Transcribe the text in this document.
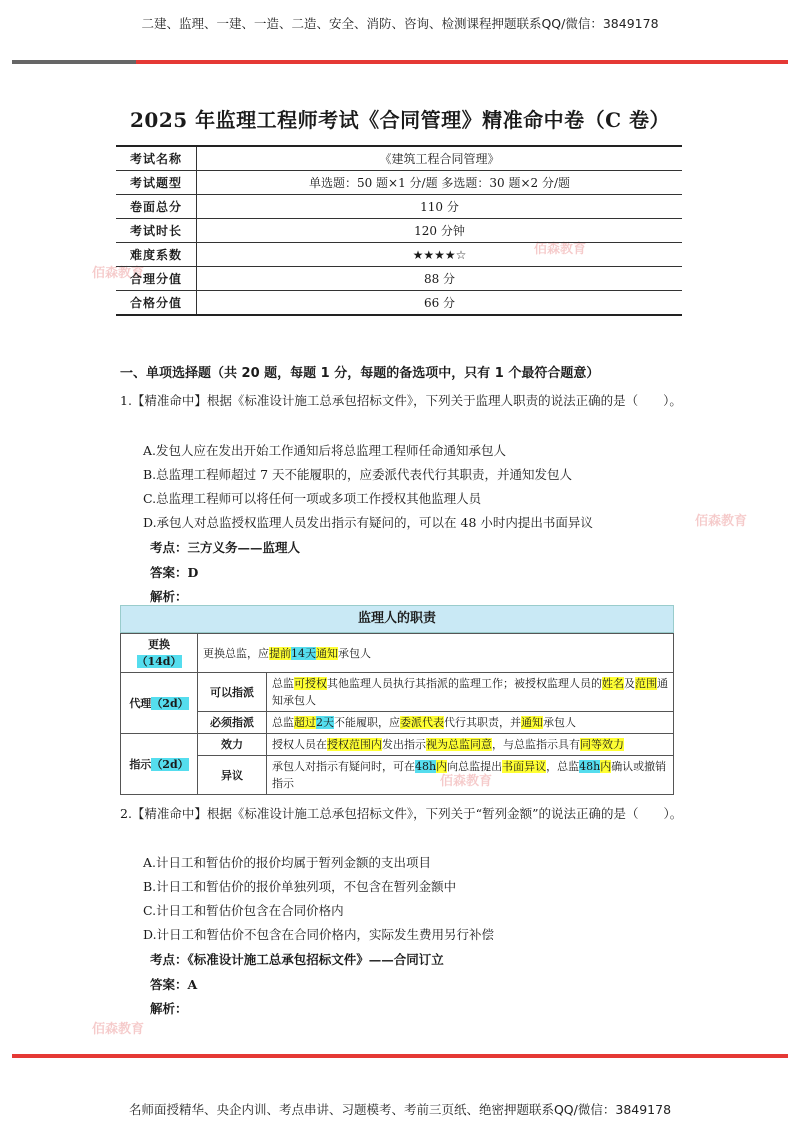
二建、监理、一建、一造、二造、安全、消防、咨询、检测课程押题联系QQ/微信：3849178
佰森教育
佰森教育
佰森教育
佰森教育
佰森教育
2025 年监理工程师考试《合同管理》精准命中卷（C 卷）
考试名称	《建筑工程合同管理》
考试题型	单选题：50 题×1 分/题 多选题：30 题×2 分/题
卷面总分	110 分
考试时长	120 分钟
难度系数	★★★★☆
合理分值	88 分
合格分值	66 分
一、单项选择题（共 20 题，每题 1 分，每题的备选项中，只有 1 个最符合题意）
1.【精准命中】根据《标准设计施工总承包招标文件》，下列关于监理人职责的说法正确的是（　　）。
A.发包人应在发出开始工作通知后将总监理工程师任命通知承包人
B.总监理工程师超过 7 天不能履职的，应委派代表代行其职责，并通知发包人
C.总监理工程师可以将任何一项或多项工作授权其他监理人员
D.承包人对总监授权监理人员发出指示有疑问的，可以在 48 小时内提出书面异议
考点：三方义务——监理人
答案：D
解析：
监理人的职责
更换（14d）	更换总监，应提前14天通知承包人	
代理（2d）	可以指派	总监可授权其他监理人员执行其指派的监理工作；被授权监理人员的姓名及范围通知承包人
	必须指派	总监超过2天不能履职，应委派代表代行其职责，并通知承包人
指示（2d）	效力	授权人员在授权范围内发出指示视为总监同意，与总监指示具有同等效力
	异议	承包人对指示有疑问时，可在48h内向总监提出书面异议，总监48h内确认或撤销指示
2.【精准命中】根据《标准设计施工总承包招标文件》，下列关于“暂列金额”的说法正确的是（　　）。
A.计日工和暂估价的报价均属于暂列金额的支出项目
B.计日工和暂估价的报价单独列项，不包含在暂列金额中
C.计日工和暂估价包含在合同价格内
D.计日工和暂估价不包含在合同价格内，实际发生费用另行补偿
考点：《标准设计施工总承包招标文件》——合同订立
答案：A
解析：
名师面授精华、央企内训、考点串讲、习题模考、考前三页纸、绝密押题联系QQ/微信：3849178
